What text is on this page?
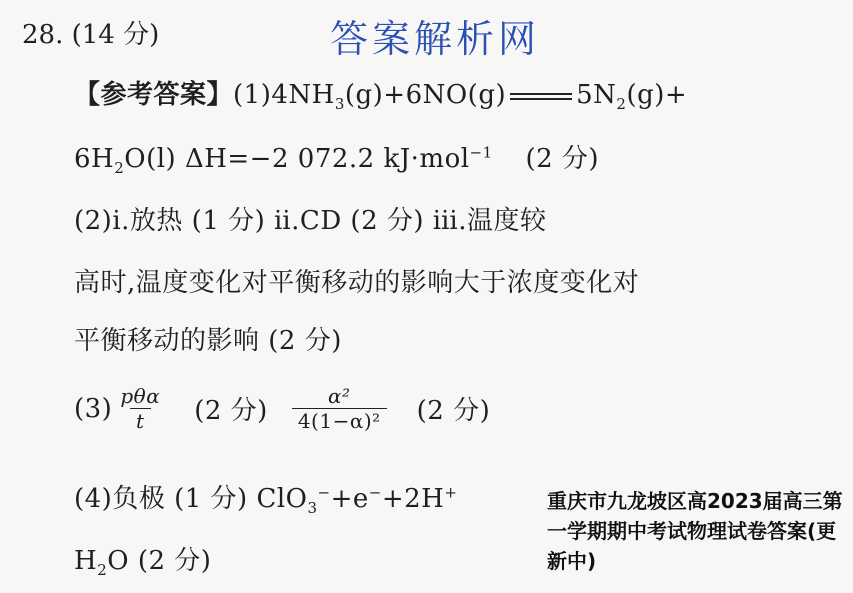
28. (14 分)	答案解析网
【参考答案】$(1)4NH_3(g)+6NO(g)$	$5N_2(g)+$
$6H_2O(l)$ ΔH=−2 072.2 kJ·mol$^{-1}$ (2 分)
(2)ⅰ.放热 (1 分) ⅱ.CD (2 分) ⅲ.温度较
高时,温度变化对平衡移动的影响大于浓度变化对
平衡移动的影响 (2 分)
$(3) \frac{\text{pθα}}{t} (2$ 分) $\frac{\text{α²}}{\text{4(1−α)²}} (2$ 分)
(4)负极 (1 分) ClO$_3$−+e−+2H+
$H_2O$ (2 分)
重庆市九龙坡区高2023届高三第一学期期中考试物理试卷答案(更新中)
